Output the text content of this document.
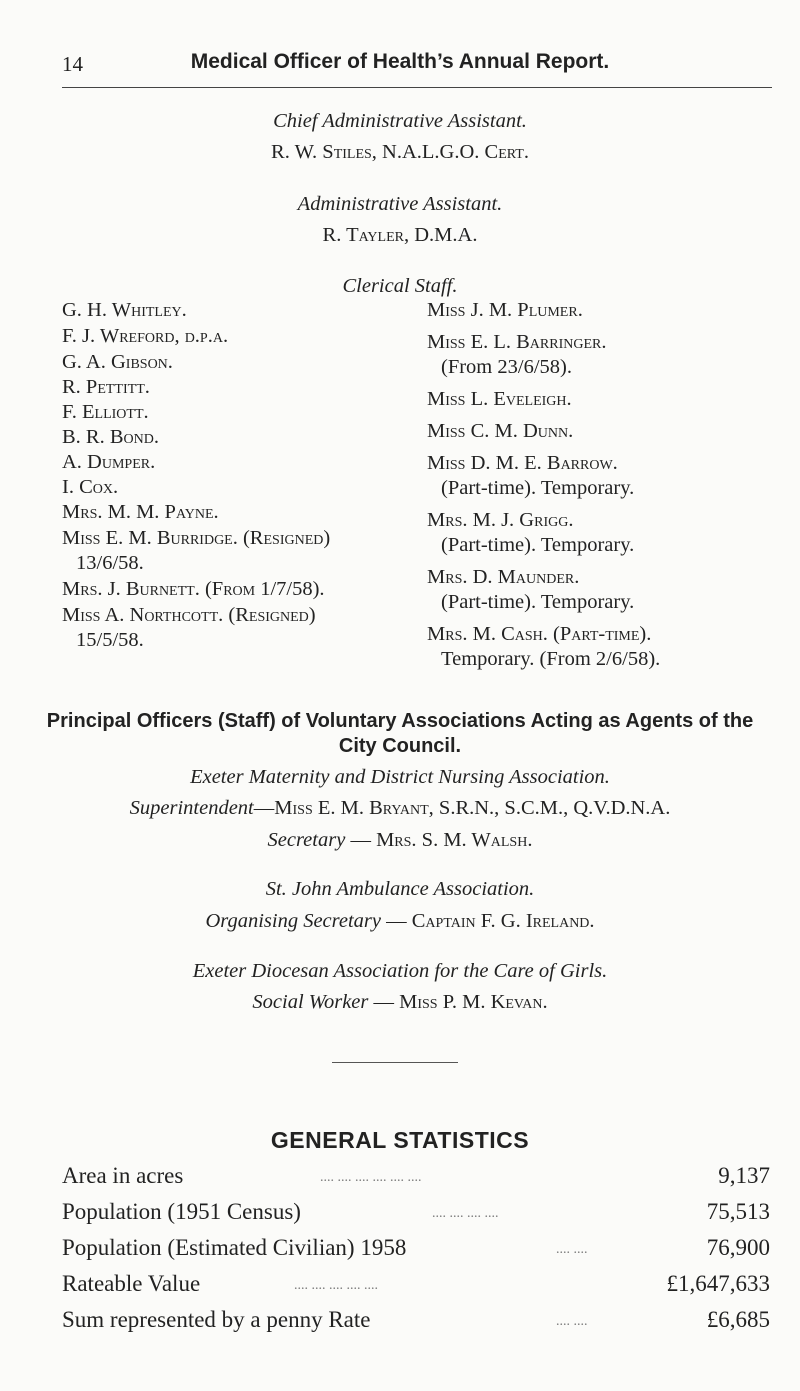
14	Medical Officer of Health’s Annual Report.
Chief Administrative Assistant.
R. W. Stiles, N.A.L.G.O. Cert.
Administrative Assistant.
R. Tayler, D.M.A.
Clerical Staff.
G. H. Whitley.
F. J. Wreford, d.p.a.
G. A. Gibson.
R. Pettitt.
F. Elliott.
B. R. Bond.
A. Dumper.
I. Cox.
Mrs. M. M. Payne.
Miss E. M. Burridge. (Resigned)
13/6/58.
Mrs. J. Burnett. (From 1/7/58).
Miss A. Northcott. (Resigned)
15/5/58.
Miss J. M. Plumer.
Miss E. L. Barringer.
(From 23/6/58).
Miss L. Eveleigh.
Miss C. M. Dunn.
Miss D. M. E. Barrow.
(Part-time). Temporary.
Mrs. M. J. Grigg.
(Part-time). Temporary.
Mrs. D. Maunder.
(Part-time). Temporary.
Mrs. M. Cash. (Part-time).
Temporary. (From 2/6/58).
Principal Officers (Staff) of Voluntary Associations Acting as Agents of the
City Council.
Exeter Maternity and District Nursing Association.
Superintendent—Miss E. M. Bryant, S.R.N., S.C.M., Q.V.D.N.A.
Secretary — Mrs. S. M. Walsh.
St. John Ambulance Association.
Organising Secretary — Captain F. G. Ireland.
Exeter Diocesan Association for the Care of Girls.
Social Worker — Miss P. M. Kevan.
GENERAL STATISTICS
Area in acres	.... .... .... .... .... ....	9,137
Population (1951 Census)	.... .... .... ....	75,513
Population (Estimated Civilian) 1958	.... ....	76,900
Rateable Value	.... .... .... .... ....	£1,647,633
Sum represented by a penny Rate	.... ....	£6,685
